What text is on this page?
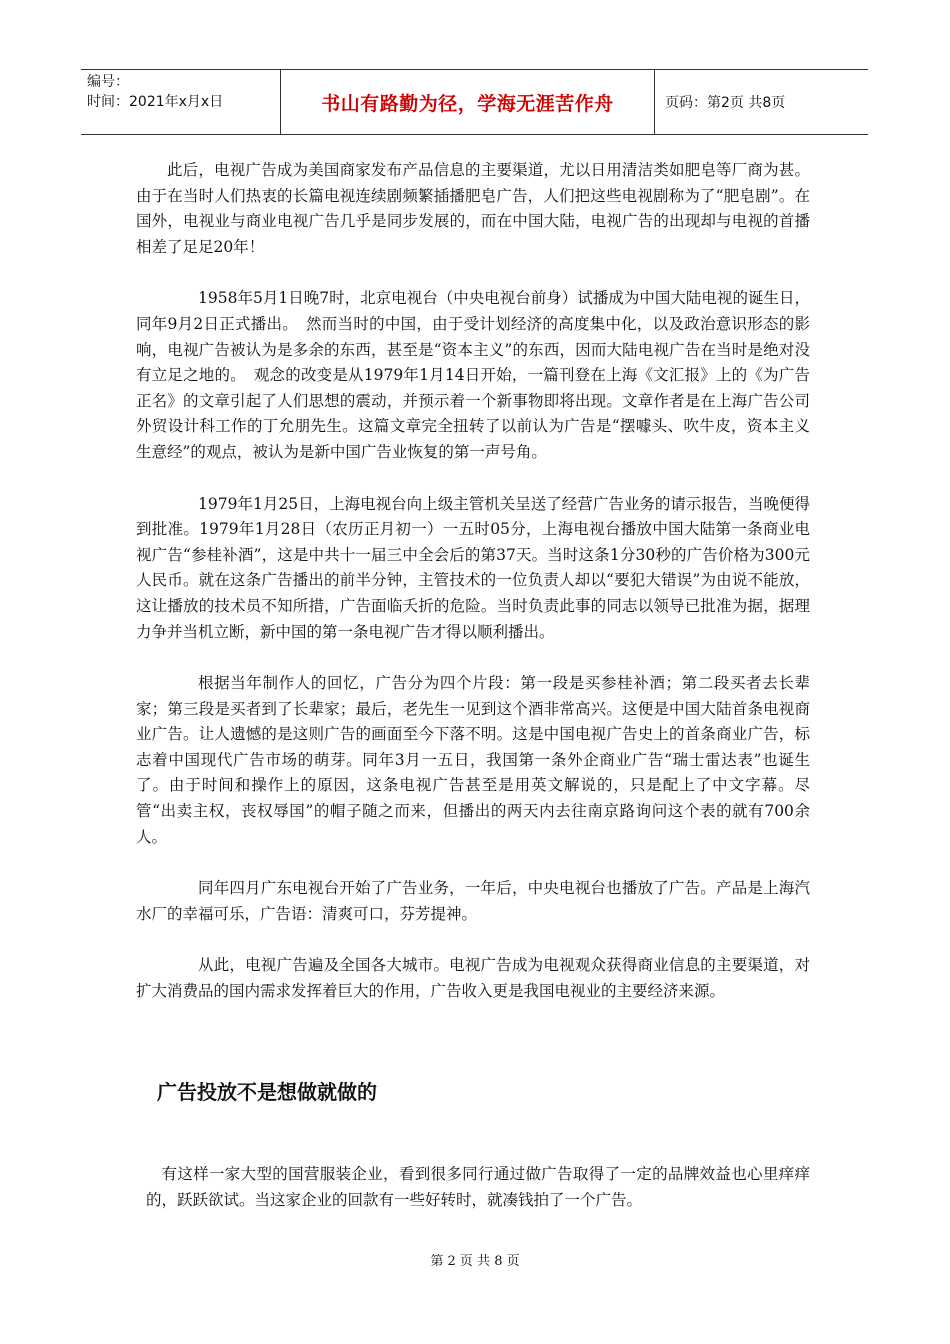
编号：
时间：2021年x月x日	书山有路勤为径，学海无涯苦作舟	页码：第2页 共8页

此后，电视广告成为美国商家发布产品信息的主要渠道，尤以日用清洁类如肥皂等厂商为甚。由于在当时人们热衷的长篇电视连续剧频繁插播肥皂广告，人们把这些电视剧称为了“肥皂剧”。在国外，电视业与商业电视广告几乎是同步发展的，而在中国大陆，电视广告的出现却与电视的首播相差了足足20年！

1958年5月1日晚7时，北京电视台（中央电视台前身）试播成为中国大陆电视的诞生日，同年9月2日正式播出。　然而当时的中国，由于受计划经济的高度集中化，以及政治意识形态的影响，电视广告被认为是多余的东西，甚至是“资本主义”的东西，因而大陆电视广告在当时是绝对没有立足之地的。　观念的改变是从1979年1月14日开始，一篇刊登在上海《文汇报》上的《为广告正名》的文章引起了人们思想的震动，并预示着一个新事物即将出现。文章作者是在上海广告公司外贸设计科工作的丁允朋先生。这篇文章完全扭转了以前认为广告是“摆噱头、吹牛皮，资本主义生意经”的观点，被认为是新中国广告业恢复的第一声号角。

1979年1月25日，上海电视台向上级主管机关呈送了经营广告业务的请示报告，当晚便得到批准。1979年1月28日（农历正月初一）一五时05分，上海电视台播放中国大陆第一条商业电视广告“参桂补酒”，这是中共十一届三中全会后的第37天。当时这条1分30秒的广告价格为300元人民币。就在这条广告播出的前半分钟，主管技术的一位负责人却以“要犯大错误”为由说不能放，这让播放的技术员不知所措，广告面临夭折的危险。当时负责此事的同志以领导已批准为据，据理力争并当机立断，新中国的第一条电视广告才得以顺利播出。

根据当年制作人的回忆，广告分为四个片段：第一段是买参桂补酒；第二段买者去长辈家；第三段是买者到了长辈家；最后，老先生一见到这个酒非常高兴。这便是中国大陆首条电视商业广告。让人遗憾的是这则广告的画面至今下落不明。这是中国电视广告史上的首条商业广告，标志着中国现代广告市场的萌芽。同年3月一五日，我国第一条外企商业广告“瑞士雷达表”也诞生了。由于时间和操作上的原因，这条电视广告甚至是用英文解说的，只是配上了中文字幕。尽管“出卖主权，丧权辱国”的帽子随之而来，但播出的两天内去往南京路询问这个表的就有700余人。

同年四月广东电视台开始了广告业务，一年后，中央电视台也播放了广告。产品是上海汽水厂的幸福可乐，广告语：清爽可口，芬芳提神。

从此，电视广告遍及全国各大城市。电视广告成为电视观众获得商业信息的主要渠道，对扩大消费品的国内需求发挥着巨大的作用，广告收入更是我国电视业的主要经济来源。

广告投放不是想做就做的

有这样一家大型的国营服装企业，看到很多同行通过做广告取得了一定的品牌效益也心里痒痒的，跃跃欲试。当这家企业的回款有一些好转时，就凑钱拍了一个广告。

第 2 页 共 8 页
